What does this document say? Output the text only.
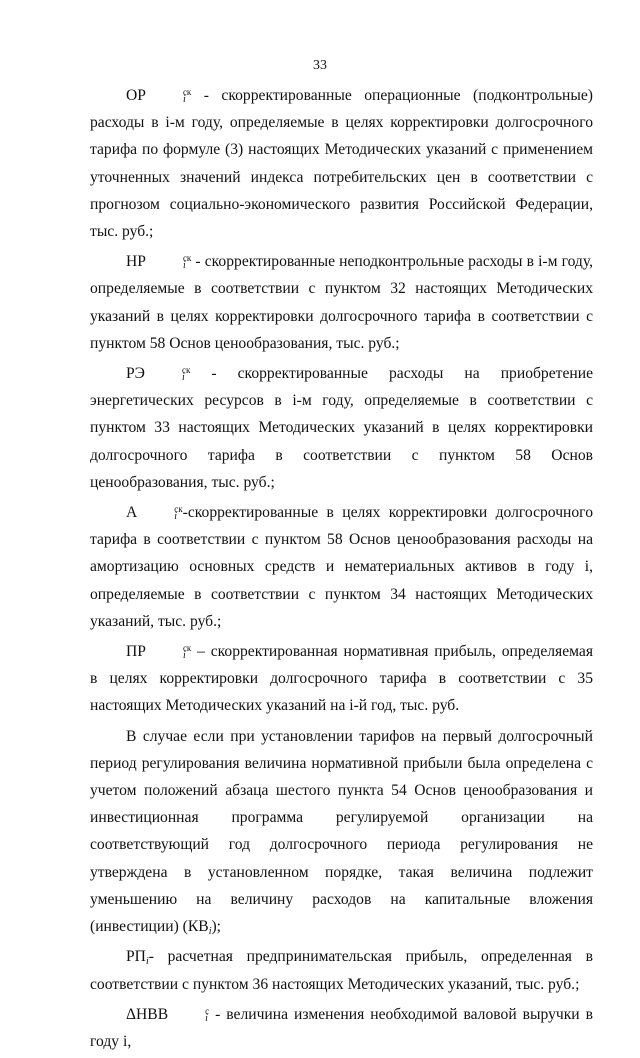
33

ОР	ск
i - скорректированные операционные (подконтрольные) расходы в i-м году, определяемые в целях корректировки долгосрочного тарифа по формуле (3) настоящих Методических указаний с применением уточненных значений индекса потребительских цен в соответствии с прогнозом социально-экономического развития Российской Федерации, тыс. руб.;

НР	ск
i - скорректированные неподконтрольные расходы в i-м году, определяемые в соответствии с пунктом 32 настоящих Методических указаний в целях корректировки долгосрочного тарифа в соответствии с пунктом 58 Основ ценообразования, тыс. руб.;

РЭ	ск
i - скорректированные расходы на приобретение энергетических ресурсов в i-м году, определяемые в соответствии с пунктом 33 настоящих Методических указаний в целях корректировки долгосрочного тарифа в соответствии с пунктом 58 Основ ценообразования, тыс. руб.;

А	ск
i -скорректированные в целях корректировки долгосрочного тарифа в соответствии с пунктом 58 Основ ценообразования расходы на амортизацию основных средств и нематериальных активов в году i, определяемые в соответствии с пунктом 34 настоящих Методических указаний, тыс. руб.;

ПР	ск
i – скорректированная нормативная прибыль, определяемая в целях корректировки долгосрочного тарифа в соответствии с 35 настоящих Методических указаний на i-й год, тыс. руб.

В случае если при установлении тарифов на первый долгосрочный период регулирования величина нормативной прибыли была определена с учетом положений абзаца шестого пункта 54 Основ ценообразования и инвестиционная программа регулируемой организации на соответствующий год долгосрочного периода регулирования не утверждена в установленном порядке, такая величина подлежит уменьшению на величину расходов на капитальные вложения (инвестиции) $(КВ_i)$;

$РП_i-$ расчетная предпринимательская прибыль, определенная в соответствии с пунктом 36 настоящих Методических указаний, тыс. руб.;

ΔНВВ	с
i - величина изменения необходимой валовой выручки в году i,
